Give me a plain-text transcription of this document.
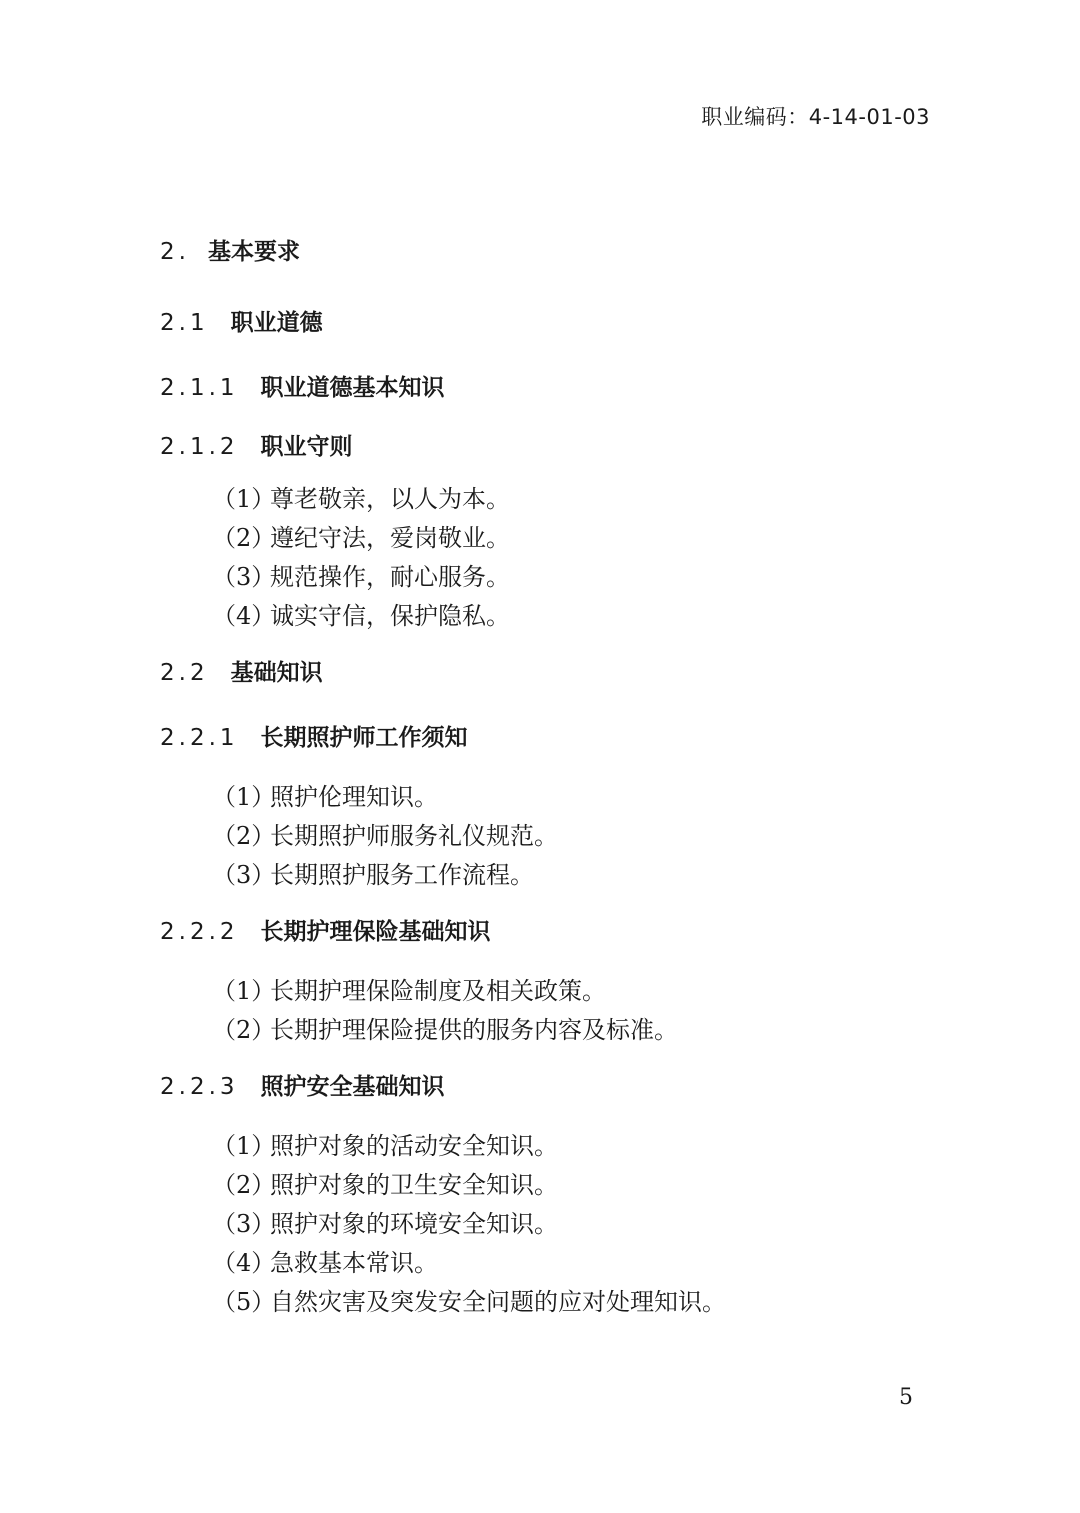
职业编码：4-14-01-03
2. 基本要求
2.1 职业道德
2.1.1 职业道德基本知识
2.1.2 职业守则
（1）尊老敬亲，以人为本。
（2）遵纪守法，爱岗敬业。
（3）规范操作，耐心服务。
（4）诚实守信，保护隐私。
2.2 基础知识
2.2.1 长期照护师工作须知
（1）照护伦理知识。
（2）长期照护师服务礼仪规范。
（3）长期照护服务工作流程。
2.2.2 长期护理保险基础知识
（1）长期护理保险制度及相关政策。
（2）长期护理保险提供的服务内容及标准。
2.2.3 照护安全基础知识
（1）照护对象的活动安全知识。
（2）照护对象的卫生安全知识。
（3）照护对象的环境安全知识。
（4）急救基本常识。
（5）自然灾害及突发安全问题的应对处理知识。
5
